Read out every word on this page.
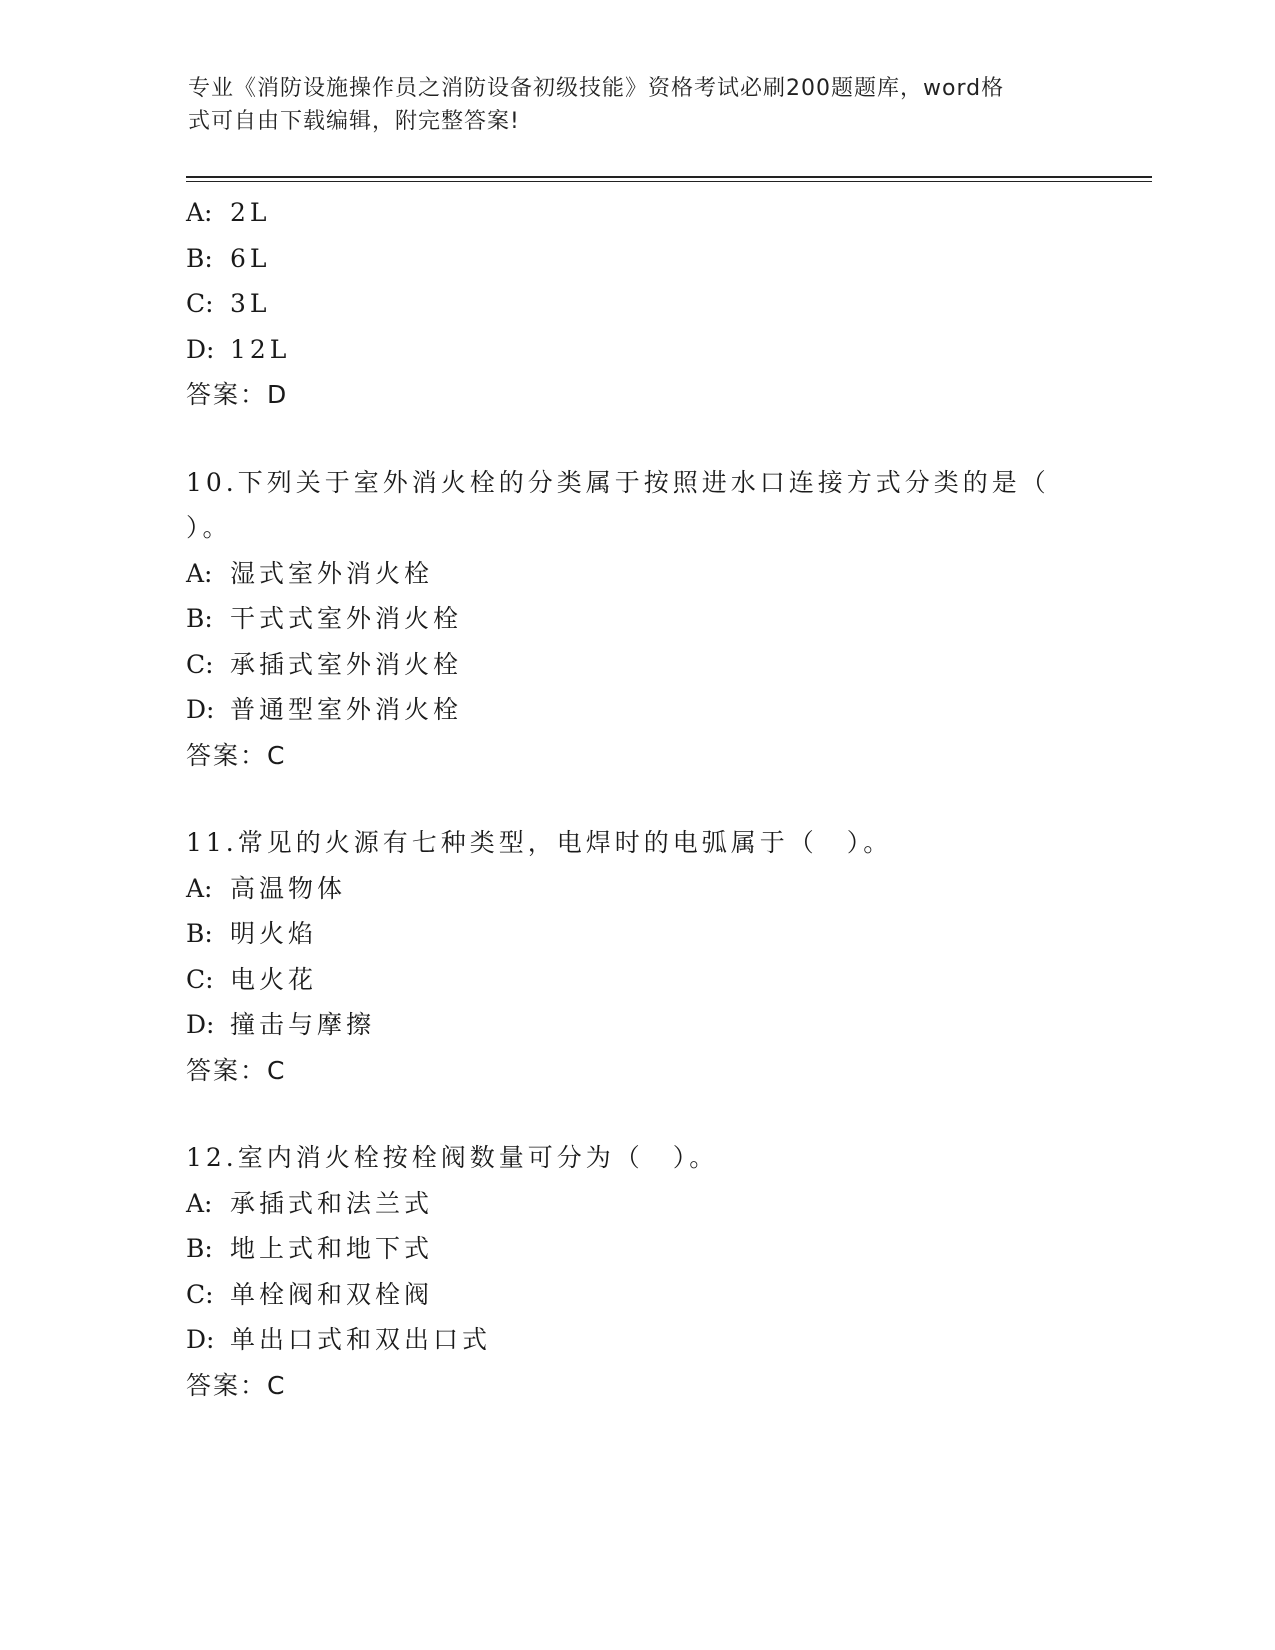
专业《消防设施操作员之消防设备初级技能》资格考试必刷200题题库，word格
式可自由下载编辑，附完整答案!
A: 2L
B: 6L
C: 3L
D: 12L
答案：D
10.下列关于室外消火栓的分类属于按照进水口连接方式分类的是（
）。
A: 湿式室外消火栓
B: 干式式室外消火栓
C: 承插式室外消火栓
D: 普通型室外消火栓
答案：C
11.常见的火源有七种类型，电焊时的电弧属于（　）。
A: 高温物体
B: 明火焰
C: 电火花
D: 撞击与摩擦
答案：C
12.室内消火栓按栓阀数量可分为（　）。
A: 承插式和法兰式
B: 地上式和地下式
C: 单栓阀和双栓阀
D: 单出口式和双出口式
答案：C
